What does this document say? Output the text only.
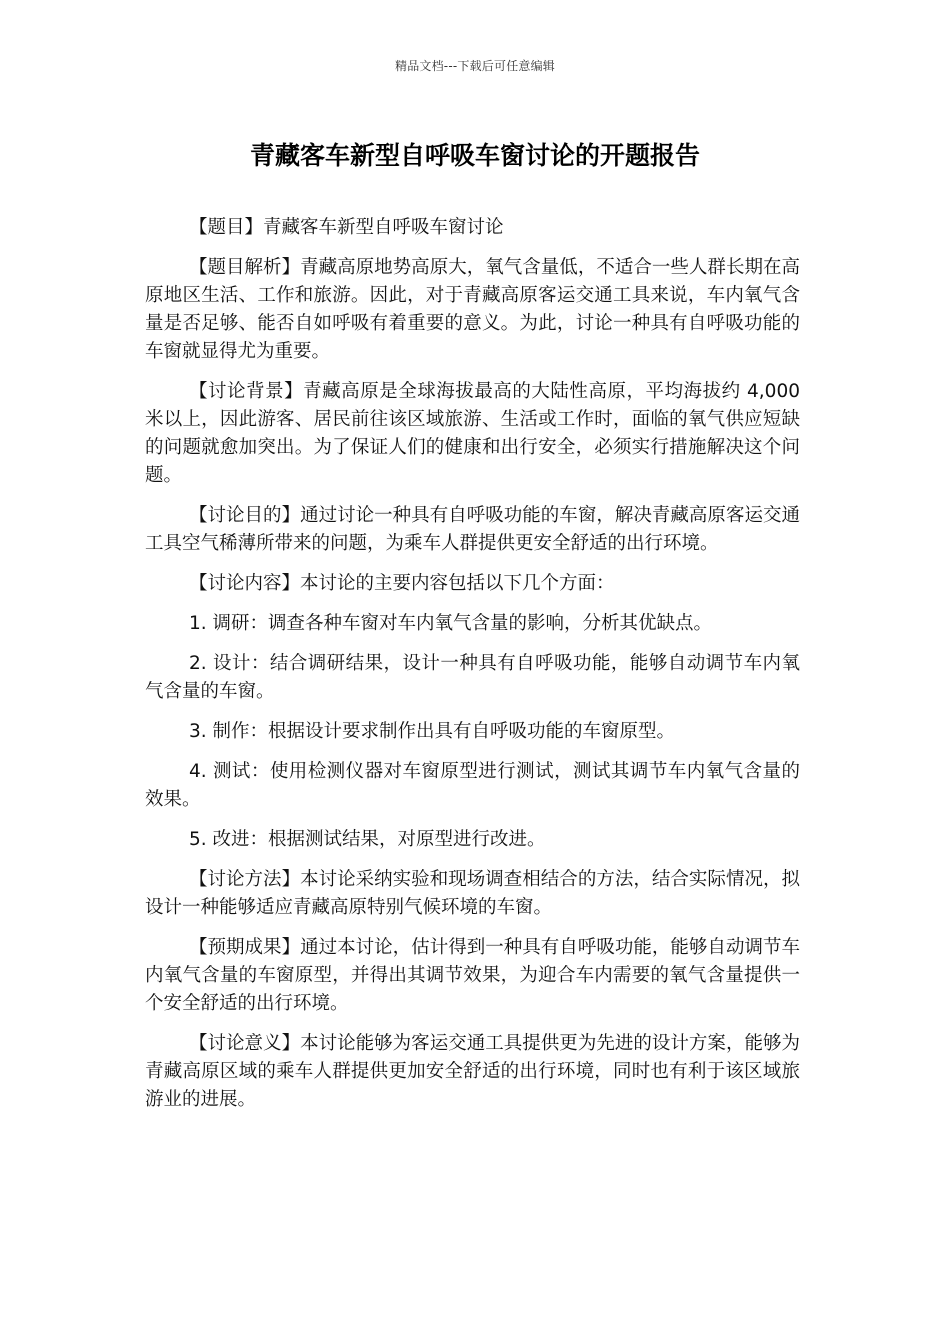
精品文档---下载后可任意编辑
青藏客车新型自呼吸车窗讨论的开题报告

【题目】青藏客车新型自呼吸车窗讨论

【题目解析】青藏高原地势高原大，氧气含量低，不适合一些人群长期在高原地区生活、工作和旅游。因此，对于青藏高原客运交通工具来说，车内氧气含量是否足够、能否自如呼吸有着重要的意义。为此，讨论一种具有自呼吸功能的车窗就显得尤为重要。

【讨论背景】青藏高原是全球海拔最高的大陆性高原，平均海拔约 4,000 米以上，因此游客、居民前往该区域旅游、生活或工作时，面临的氧气供应短缺的问题就愈加突出。为了保证人们的健康和出行安全，必须实行措施解决这个问题。

【讨论目的】通过讨论一种具有自呼吸功能的车窗，解决青藏高原客运交通工具空气稀薄所带来的问题，为乘车人群提供更安全舒适的出行环境。

【讨论内容】本讨论的主要内容包括以下几个方面：

1. 调研：调查各种车窗对车内氧气含量的影响，分析其优缺点。

2. 设计：结合调研结果，设计一种具有自呼吸功能，能够自动调节车内氧气含量的车窗。

3. 制作：根据设计要求制作出具有自呼吸功能的车窗原型。

4. 测试：使用检测仪器对车窗原型进行测试，测试其调节车内氧气含量的效果。

5. 改进：根据测试结果，对原型进行改进。

【讨论方法】本讨论采纳实验和现场调查相结合的方法，结合实际情况，拟设计一种能够适应青藏高原特别气候环境的车窗。

【预期成果】通过本讨论，估计得到一种具有自呼吸功能，能够自动调节车内氧气含量的车窗原型，并得出其调节效果，为迎合车内需要的氧气含量提供一个安全舒适的出行环境。

【讨论意义】本讨论能够为客运交通工具提供更为先进的设计方案，能够为青藏高原区域的乘车人群提供更加安全舒适的出行环境，同时也有利于该区域旅游业的进展。
